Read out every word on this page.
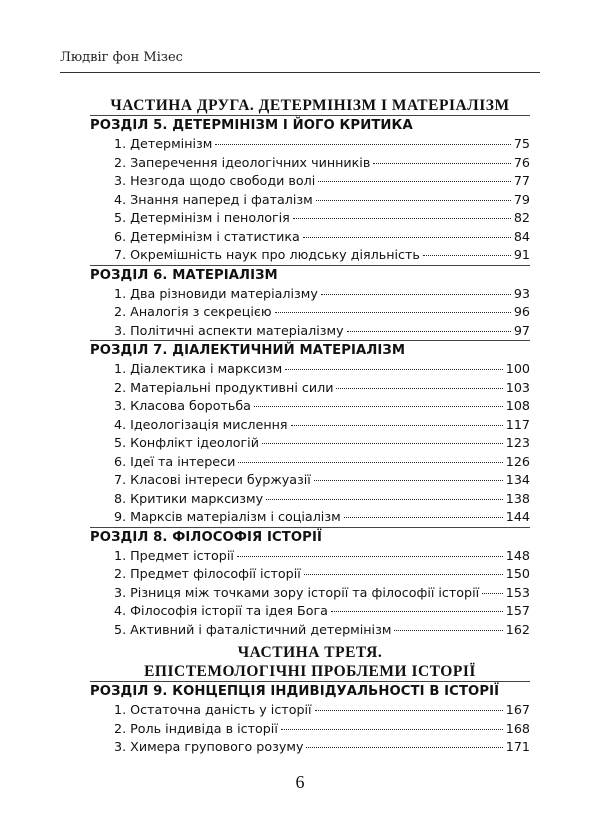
Людвіг фон Мізес
ЧАСТИНА ДРУГА. ДЕТЕРМІНІЗМ І МАТЕРІАЛІЗМ
РОЗДІЛ 5. ДЕТЕРМІНІЗМ І ЙОГО КРИТИКА
1. Детермінізм	75
2. Заперечення ідеологічних чинників	76
3. Незгода щодо свободи волі	77
4. Знання наперед і фаталізм	79
5. Детермінізм і пенологія	82
6. Детермінізм і статистика	84
7. Окремішність наук про людську діяльність	91
РОЗДІЛ 6. МАТЕРІАЛІЗМ
1. Два різновиди матеріалізму	93
2. Аналогія з секрецією	96
3. Політичні аспекти матеріалізму	97
РОЗДІЛ 7. ДІАЛЕКТИЧНИЙ МАТЕРІАЛІЗМ
1. Діалектика і марксизм	100
2. Матеріальні продуктивні сили	103
3. Класова боротьба	108
4. Ідеологізація мислення	117
5. Конфлікт ідеологій	123
6. Ідеї та інтереси	126
7. Класові інтереси буржуазії	134
8. Критики марксизму	138
9. Марксів матеріалізм і соціалізм	144
РОЗДІЛ 8. ФІЛОСОФІЯ ІСТОРІЇ
1. Предмет історії	148
2. Предмет філософії історії	150
3. Різниця між точками зору історії та філософії історії 153
4. Філософія історії та ідея Бога	157
5. Активний і фаталістичний детермінізм	162
ЧАСТИНА ТРЕТЯ.
ЕПІСТЕМОЛОГІЧНІ ПРОБЛЕМИ ІСТОРІЇ
РОЗДІЛ 9. КОНЦЕПЦІЯ ІНДИВІДУАЛЬНОСТІ В ІСТОРІЇ
1. Остаточна даність у історії	167
2. Роль індивіда в історії	168
3. Химера групового розуму	171
6
